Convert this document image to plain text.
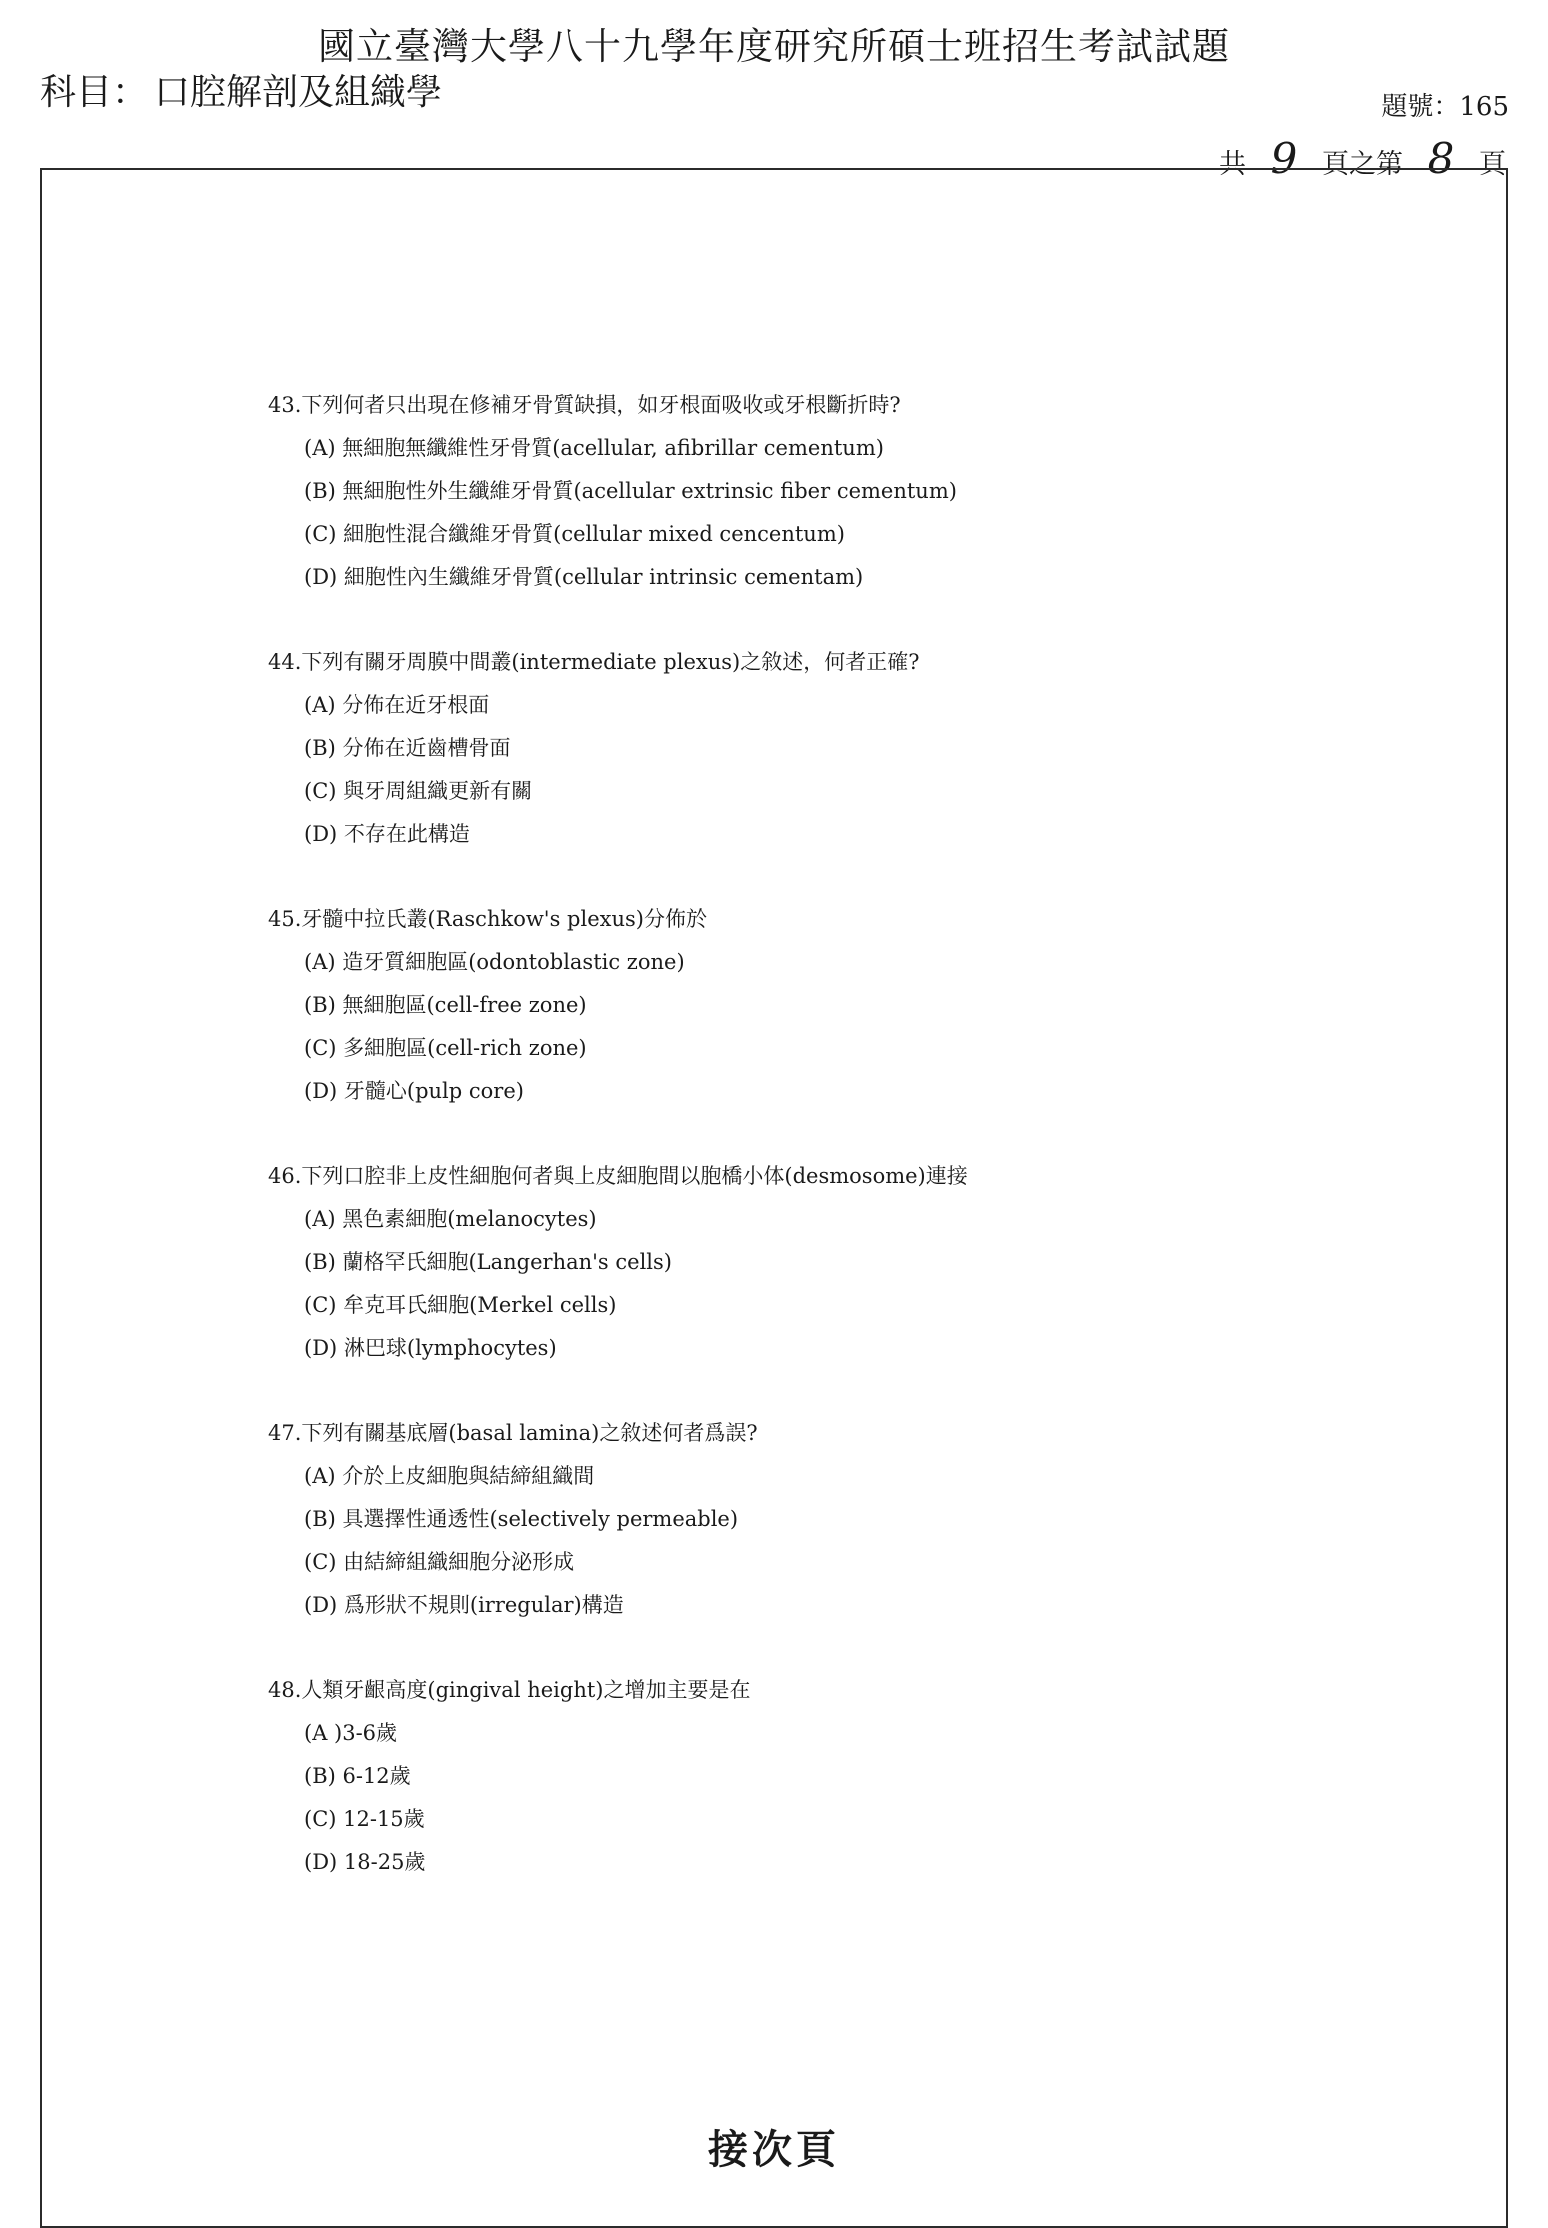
國立臺灣大學八十九學年度研究所碩士班招生考試試題
科目： 口腔解剖及組織學	題號：165
共 9 頁之第 8 頁
43.下列何者只出現在修補牙骨質缺損，如牙根面吸收或牙根斷折時?
(A) 無細胞無纖維性牙骨質(acellular, afibrillar cementum)
(B) 無細胞性外生纖維牙骨質(acellular extrinsic fiber cementum)
(C) 細胞性混合纖維牙骨質(cellular mixed cencentum)
(D) 細胞性內生纖維牙骨質(cellular intrinsic cementam)
44.下列有關牙周膜中間叢(intermediate plexus)之敘述，何者正確?
(A) 分佈在近牙根面
(B) 分佈在近齒槽骨面
(C) 與牙周組織更新有關
(D) 不存在此構造
45.牙髓中拉氏叢(Raschkow's plexus)分佈於
(A) 造牙質細胞區(odontoblastic zone)
(B) 無細胞區(cell-free zone)
(C) 多細胞區(cell-rich zone)
(D) 牙髓心(pulp core)
46.下列口腔非上皮性細胞何者與上皮細胞間以胞橋小体(desmosome)連接
(A) 黑色素細胞(melanocytes)
(B) 蘭格罕氏細胞(Langerhan's cells)
(C) 牟克耳氏細胞(Merkel cells)
(D) 淋巴球(lymphocytes)
47.下列有關基底層(basal lamina)之敘述何者爲誤?
(A) 介於上皮細胞與結締組織間
(B) 具選擇性通透性(selectively permeable)
(C) 由結締組織細胞分泌形成
(D) 爲形狀不規則(irregular)構造
48.人類牙齦高度(gingival height)之增加主要是在
(A )3-6歲
(B) 6-12歲
(C) 12-15歲
(D) 18-25歲
接次頁
